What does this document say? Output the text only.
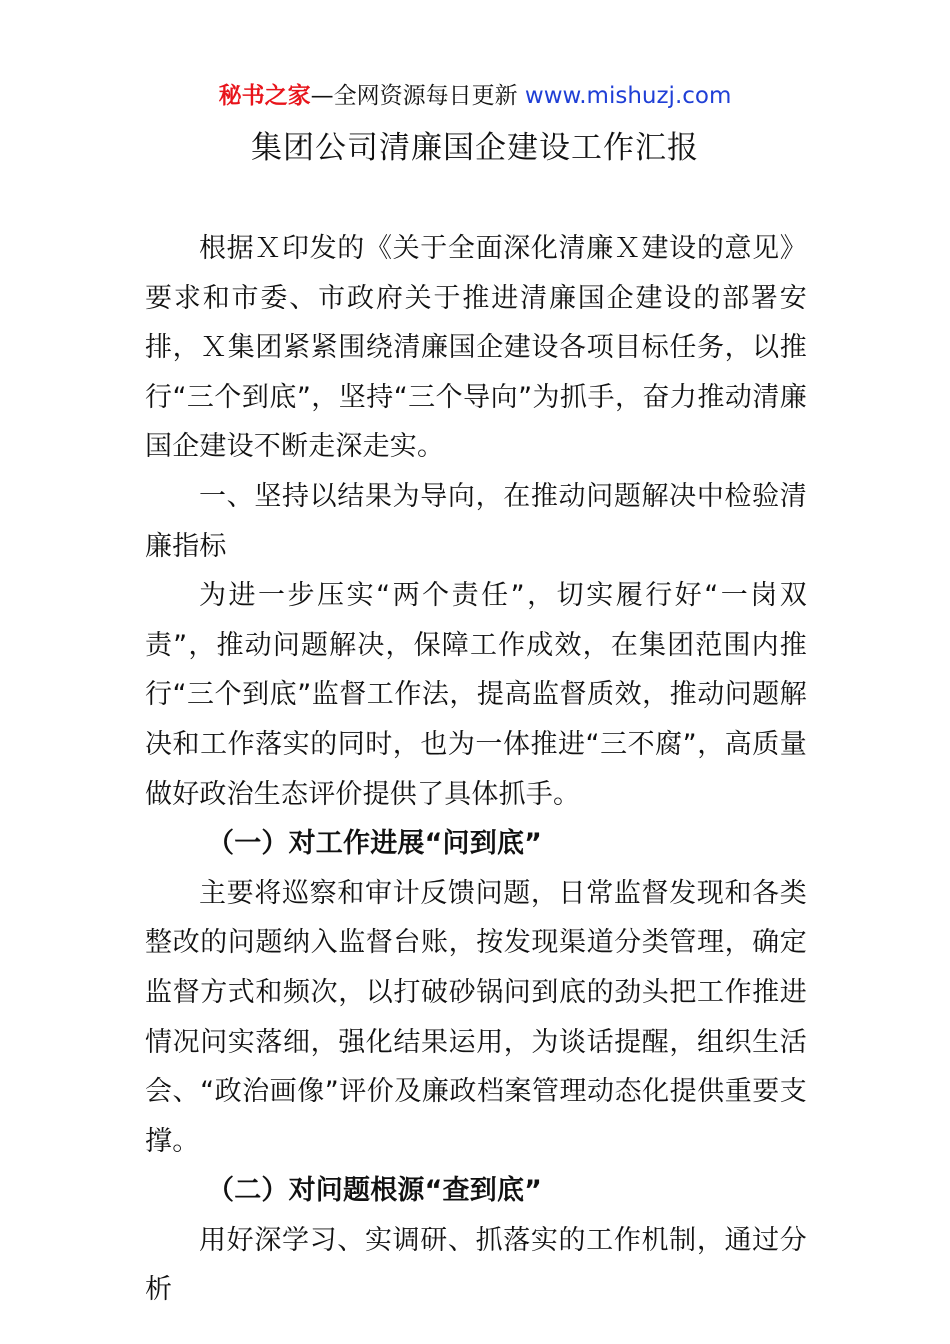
秘书之家—全网资源每日更新 www.mishuzj.com
集团公司清廉国企建设工作汇报

根据Ｘ印发的《关于全面深化清廉Ｘ建设的意见》要求和市委、市政府关于推进清廉国企建设的部署安排，Ｘ集团紧紧围绕清廉国企建设各项目标任务，以推行“三个到底”，坚持“三个导向”为抓手，奋力推动清廉国企建设不断走深走实。

一、坚持以结果为导向，在推动问题解决中检验清廉指标

为进一步压实“两个责任”，切实履行好“一岗双责”，推动问题解决，保障工作成效，在集团范围内推行“三个到底”监督工作法，提高监督质效，推动问题解决和工作落实的同时，也为一体推进“三不腐”，高质量做好政治生态评价提供了具体抓手。

（一）对工作进展“问到底”

主要将巡察和审计反馈问题，日常监督发现和各类整改的问题纳入监督台账，按发现渠道分类管理，确定监督方式和频次，以打破砂锅问到底的劲头把工作推进情况问实落细，强化结果运用，为谈话提醒，组织生活会、“政治画像”评价及廉政档案管理动态化提供重要支撑。

（二）对问题根源“查到底”

用好深学习、实调研、抓落实的工作机制，通过分析
